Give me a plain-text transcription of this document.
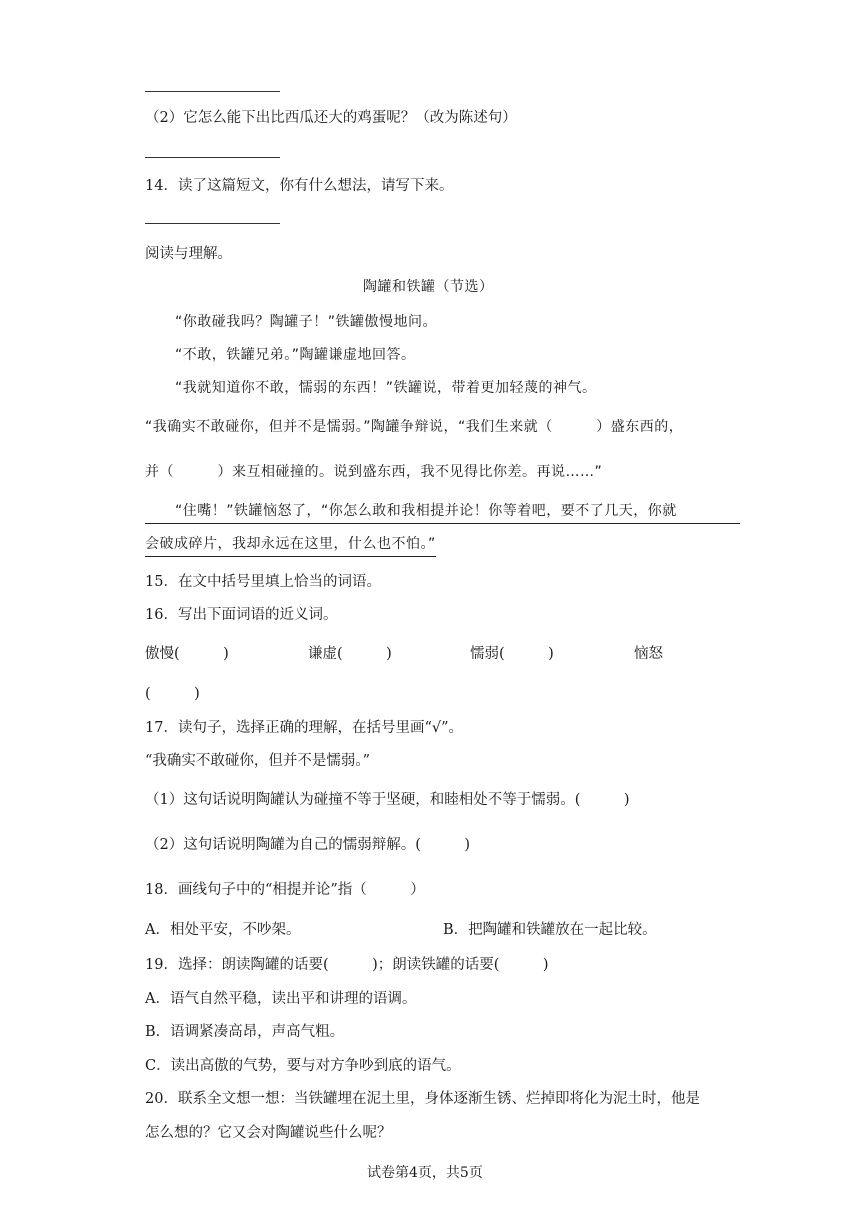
（2）它怎么能下出比西瓜还大的鸡蛋呢？（改为陈述句）
14．读了这篇短文，你有什么想法，请写下来。
阅读与理解。
陶罐和铁罐（节选）
“你敢碰我吗？陶罐子！”铁罐傲慢地问。
“不敢，铁罐兄弟。”陶罐谦虚地回答。
“我就知道你不敢，懦弱的东西！”铁罐说，带着更加轻蔑的神气。
“我确实不敢碰你，但并不是懦弱。”陶罐争辩说，“我们生来就（　　　）盛东西的，
并（　　　）来互相碰撞的。说到盛东西，我不见得比你差。再说……”
“住嘴！”铁罐恼怒了，“你怎么敢和我相提并论！你等着吧，要不了几天，你就
会破成碎片，我却永远在这里，什么也不怕。”
15．在文中括号里填上恰当的词语。
16．写出下面词语的近义词。
傲慢(　　　)	谦虚(　　　)	懦弱(　　　)	恼怒
(　　　)
17．读句子，选择正确的理解，在括号里画“√”。
“我确实不敢碰你，但并不是懦弱。”
（1）这句话说明陶罐认为碰撞不等于坚硬，和睦相处不等于懦弱。(　　　)
（2）这句话说明陶罐为自己的懦弱辩解。(　　　)
18．画线句子中的“相提并论”指（　　　）
A．相处平安，不吵架。	B．把陶罐和铁罐放在一起比较。
19．选择：朗读陶罐的话要(　　　)；朗读铁罐的话要(　　　)
A．语气自然平稳，读出平和讲理的语调。
B．语调紧凑高昂，声高气粗。
C．读出高傲的气势，要与对方争吵到底的语气。
20．联系全文想一想：当铁罐埋在泥土里，身体逐渐生锈、烂掉即将化为泥土时，他是
怎么想的？它又会对陶罐说些什么呢？
试卷第4页，共5页
